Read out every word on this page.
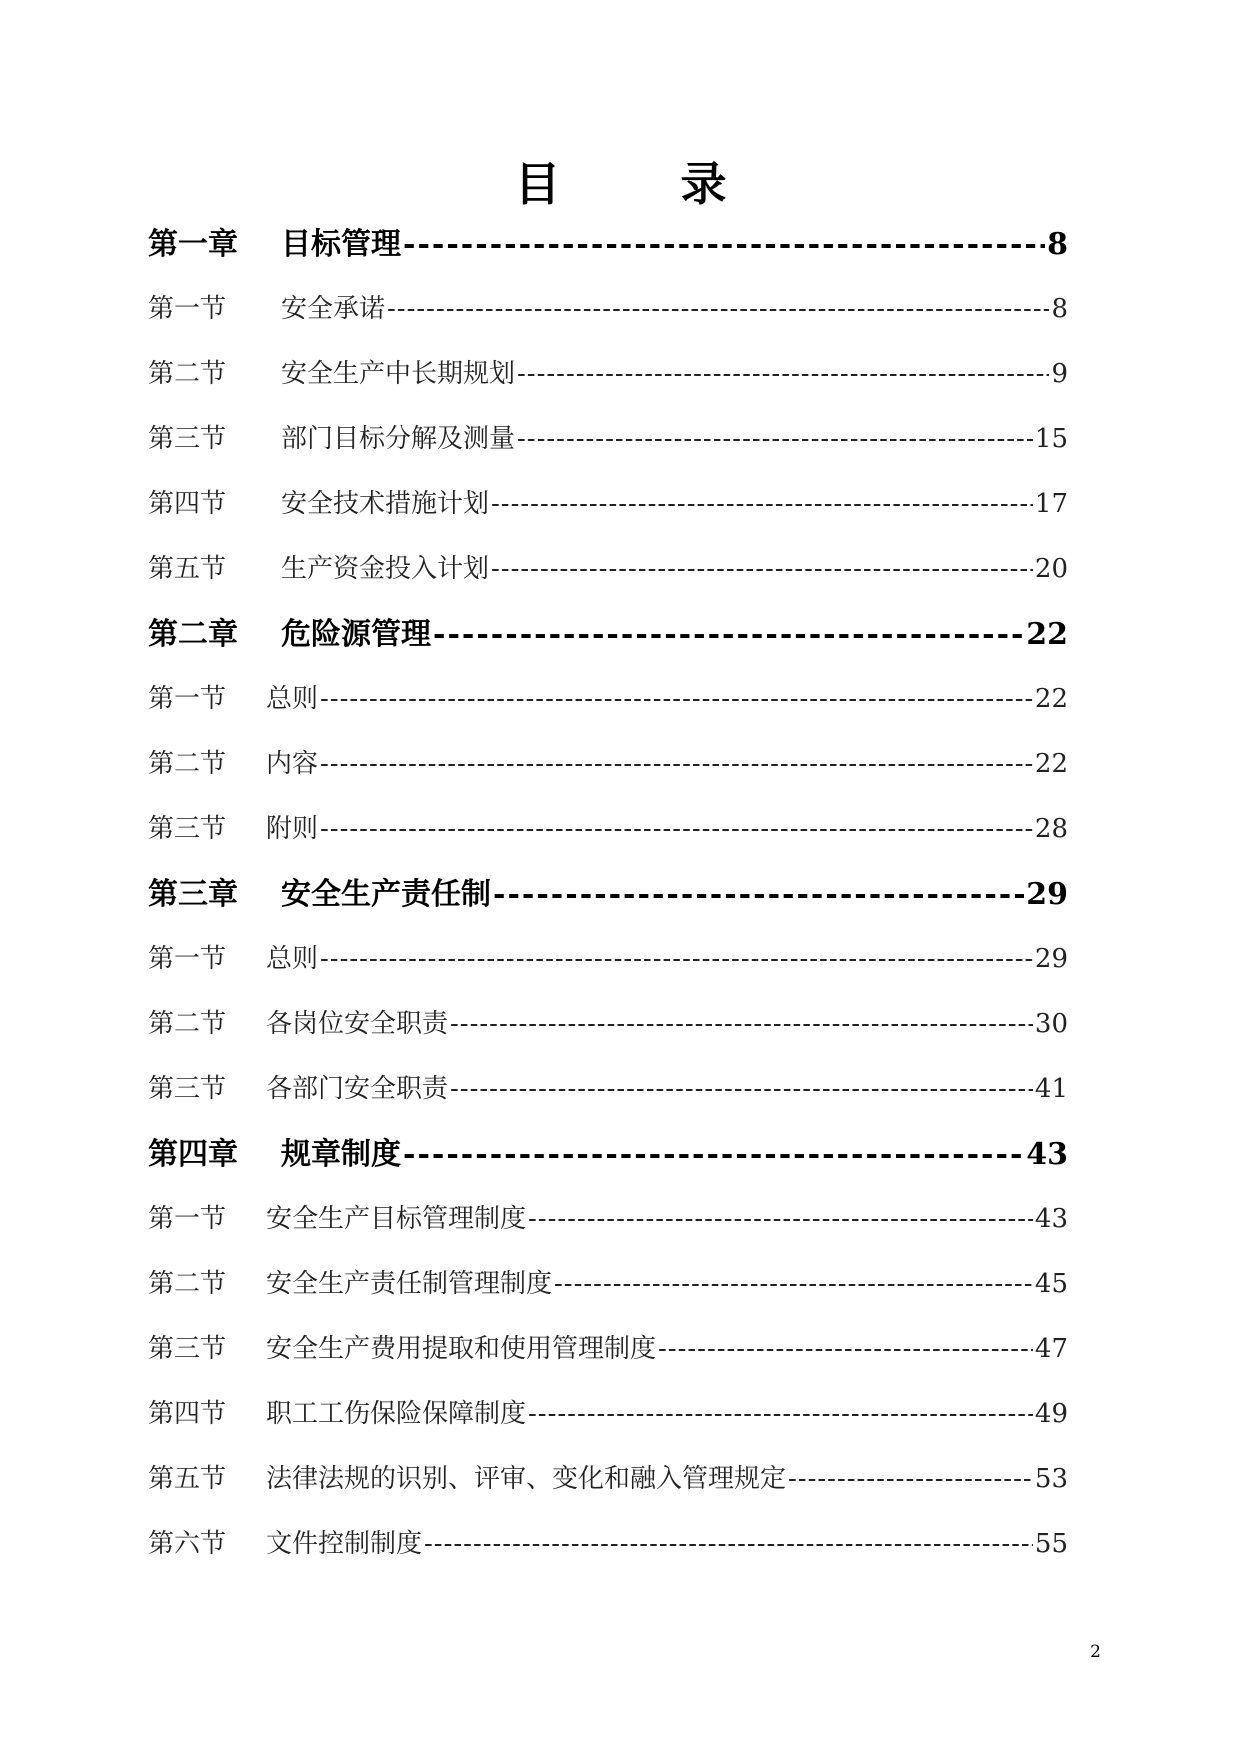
目	录
第一章	目标管理 -----	8
第一节	安全承诺 -----	8
第二节	安全生产中长期规划 -----	9
第三节	部门目标分解及测量 -----	15
第四节	安全技术措施计划 -----	17
第五节	生产资金投入计划 -----	20
第二章	危险源管理 -----	22
第一节	总则 -----	22
第二节	内容 -----	22
第三节	附则 -----	28
第三章	安全生产责任制 -----	29
第一节	总则 -----	29
第二节	各岗位安全职责 -----	30
第三节	各部门安全职责 -----	41
第四章	规章制度 -----	43
第一节	安全生产目标管理制度 -----	43
第二节	安全生产责任制管理制度 -----	45
第三节	安全生产费用提取和使用管理制度 -----	47
第四节	职工工伤保险保障制度 -----	49
第五节	法律法规的识别、评审、变化和融入管理规定 -----	53
第六节	文件控制制度 -----	55
2
